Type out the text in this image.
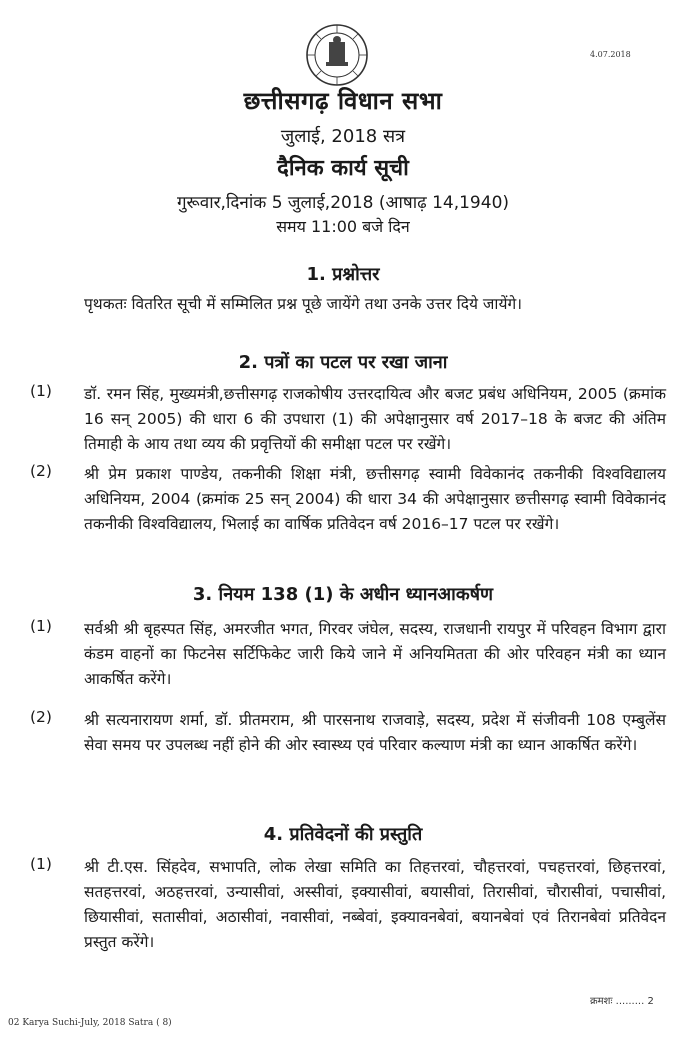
4.07.2018
छत्तीसगढ़ विधान सभा
जुलाई, 2018 सत्र
दैनिक कार्य सूची
गुरूवार,दिनांक 5 जुलाई,2018 (आषाढ़ 14,1940)
समय 11:00 बजे दिन
1. प्रश्नोत्तर
पृथकतः वितरित सूची में सम्मिलित प्रश्न पूछे जायेंगे तथा उनके उत्तर दिये जायेंगे।
2. पत्रों का पटल पर रखा जाना
(1) डॉ. रमन सिंह, मुख्यमंत्री,छत्तीसगढ़ राजकोषीय उत्तरदायित्व और बजट प्रबंध अधिनियम, 2005 (क्रमांक 16 सन् 2005) की धारा 6 की उपधारा (1) की अपेक्षानुसार वर्ष 2017–18 के बजट की अंतिम तिमाही के आय तथा व्यय की प्रवृत्तियों की समीक्षा पटल पर रखेंगे।
(2) श्री प्रेम प्रकाश पाण्डेय, तकनीकी शिक्षा मंत्री, छत्तीसगढ़ स्वामी विवेकानंद तकनीकी विश्वविद्यालय अधिनियम, 2004 (क्रमांक 25 सन् 2004) की धारा 34 की अपेक्षानुसार छत्तीसगढ़ स्वामी विवेकानंद तकनीकी विश्वविद्यालय, भिलाई का वार्षिक प्रतिवेदन वर्ष 2016–17 पटल पर रखेंगे।
3. नियम 138 (1) के अधीन ध्यानआकर्षण
(1) सर्वश्री श्री बृहस्पत सिंह, अमरजीत भगत, गिरवर जंघेल, सदस्य, राजधानी रायपुर में परिवहन विभाग द्वारा कंडम वाहनों का फिटनेस सर्टिफिकेट जारी किये जाने में अनियमितता की ओर परिवहन मंत्री का ध्यान आकर्षित करेंगे।
(2) श्री सत्यनारायण शर्मा, डॉ. प्रीतमराम, श्री पारसनाथ राजवाड़े, सदस्य, प्रदेश में संजीवनी 108 एम्बुलेंस सेवा समय पर उपलब्ध नहीं होने की ओर स्वास्थ्य एवं परिवार कल्याण मंत्री का ध्यान आकर्षित करेंगे।
4. प्रतिवेदनों की प्रस्तुति
(1) श्री टी.एस. सिंहदेव, सभापति, लोक लेखा समिति का तिहत्तरवां, चौहत्तरवां, पचहत्तरवां, छिहत्तरवां, सतहत्तरवां, अठहत्तरवां, उन्यासीवां, अस्सीवां, इक्यासीवां, बयासीवां, तिरासीवां, चौरासीवां, पचासीवां, छियासीवां, सतासीवां, अठासीवां, नवासीवां, नब्बेवां, इक्यावनबेवां, बयानबेवां एवं तिरानबेवां प्रतिवेदन प्रस्तुत करेंगे।
क्रमशः ......... 2
02 Karya Suchi-July, 2018 Satra ( 8)
